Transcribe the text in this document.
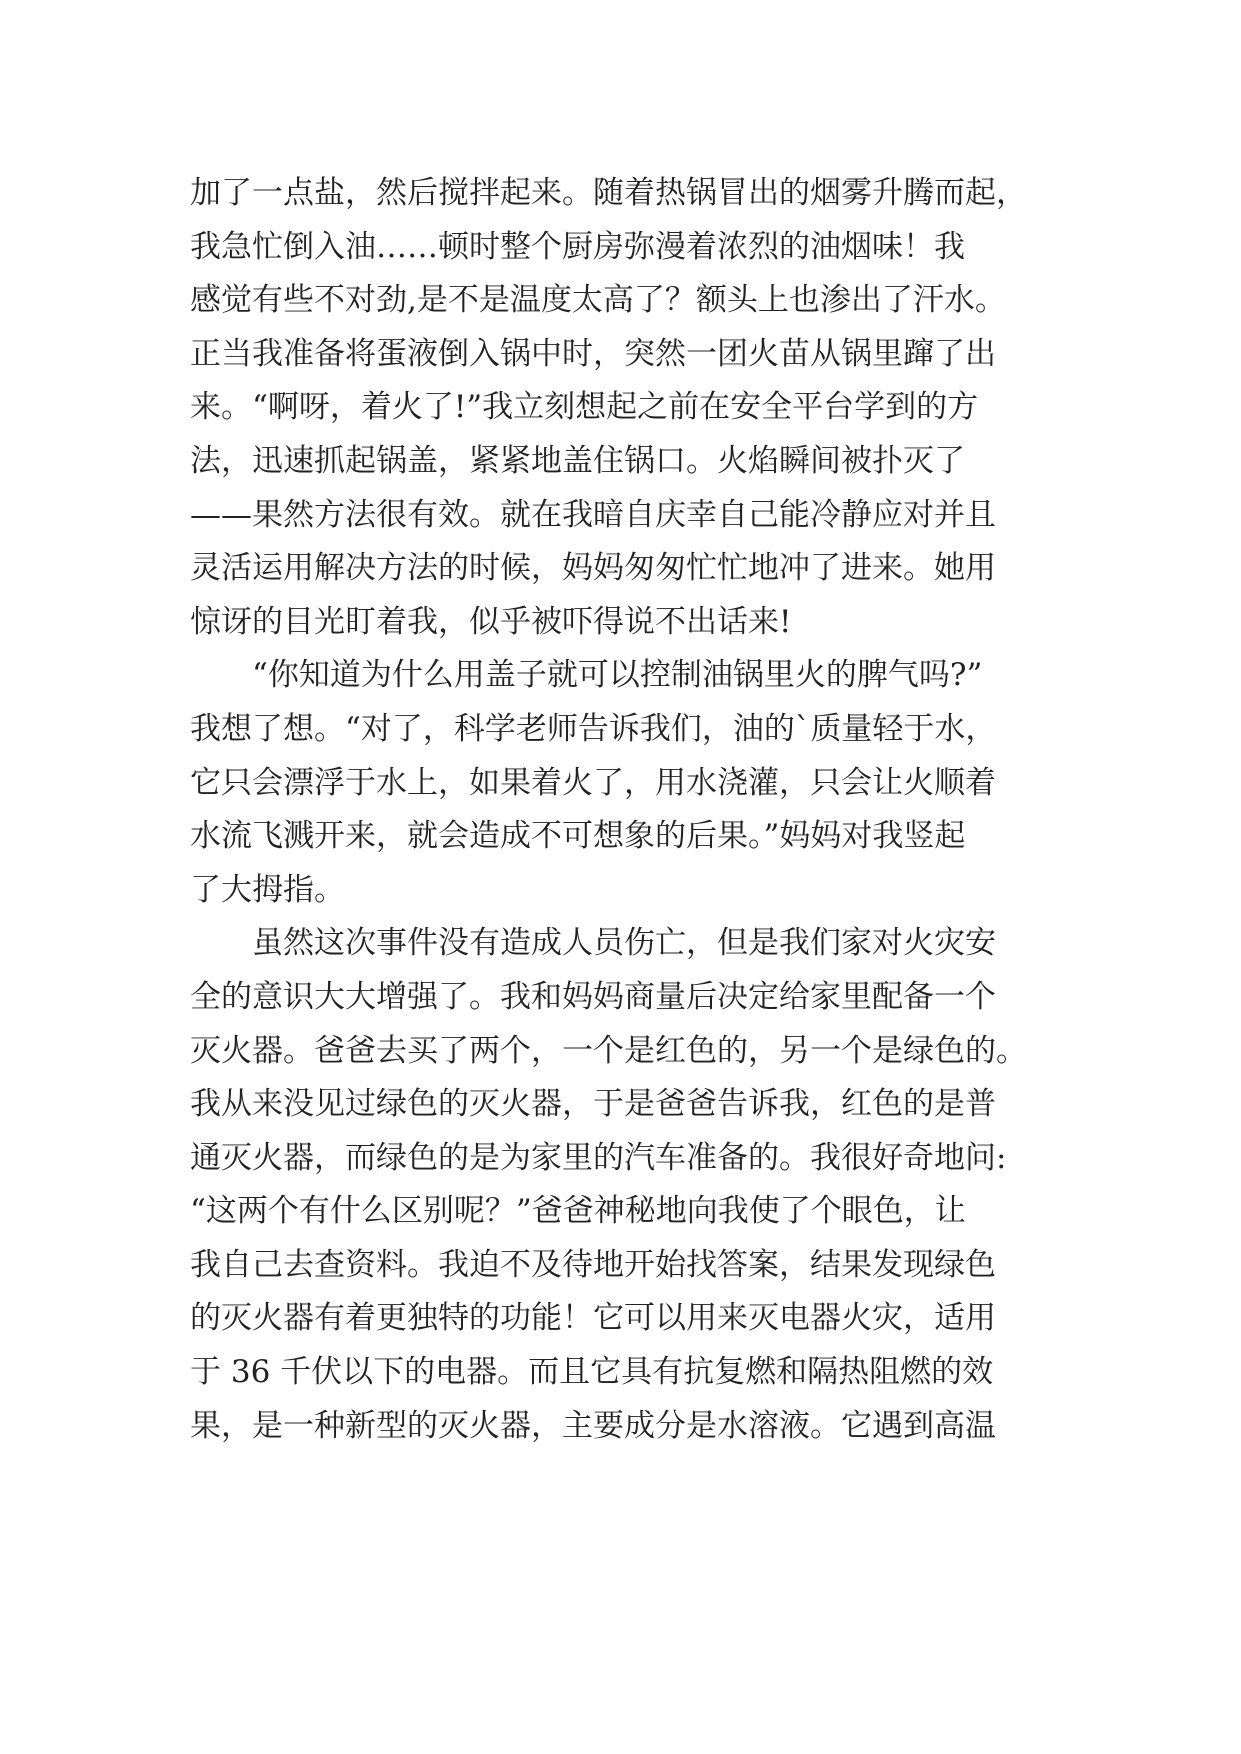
加了一点盐，然后搅拌起来。随着热锅冒出的烟雾升腾而起，
我急忙倒入油……顿时整个厨房弥漫着浓烈的油烟味！我
感觉有些不对劲,是不是温度太高了？额头上也渗出了汗水。
正当我准备将蛋液倒入锅中时，突然一团火苗从锅里蹿了出
来。“啊呀，着火了!”我立刻想起之前在安全平台学到的方
法，迅速抓起锅盖，紧紧地盖住锅口。火焰瞬间被扑灭了
——果然方法很有效。就在我暗自庆幸自己能冷静应对并且
灵活运用解决方法的时候，妈妈匆匆忙忙地冲了进来。她用
惊讶的目光盯着我，似乎被吓得说不出话来!
　　“你知道为什么用盖子就可以控制油锅里火的脾气吗?”
我想了想。“对了，科学老师告诉我们，油的`质量轻于水，
它只会漂浮于水上，如果着火了，用水浇灌，只会让火顺着
水流飞溅开来，就会造成不可想象的后果。”妈妈对我竖起
了大拇指。
　　虽然这次事件没有造成人员伤亡，但是我们家对火灾安
全的意识大大增强了。我和妈妈商量后决定给家里配备一个
灭火器。爸爸去买了两个，一个是红色的，另一个是绿色的。
我从来没见过绿色的灭火器，于是爸爸告诉我，红色的是普
通灭火器，而绿色的是为家里的汽车准备的。我很好奇地问:
“这两个有什么区别呢？”爸爸神秘地向我使了个眼色，让
我自己去查资料。我迫不及待地开始找答案，结果发现绿色
的灭火器有着更独特的功能！它可以用来灭电器火灾，适用
于 36 千伏以下的电器。而且它具有抗复燃和隔热阻燃的效
果，是一种新型的灭火器，主要成分是水溶液。它遇到高温
